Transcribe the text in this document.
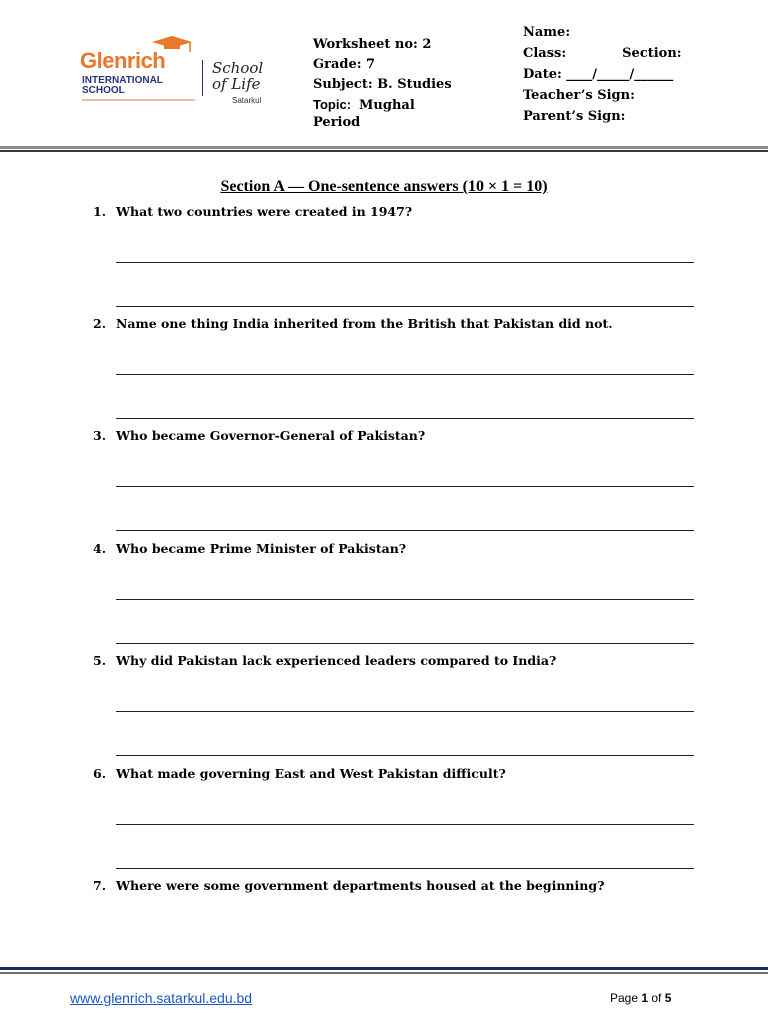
Glenrich
INTERNATIONAL
SCHOOL
School
of Life
Satarkul
Worksheet no: 2
Grade: 7
Subject: B. Studies
Topic: Mughal
Period
Name:
Class:	Section:
Date: ____/_____/______
Teacher’s Sign:
Parent’s Sign:
Section A — One-sentence answers (10 × 1 = 10)
1. What two countries were created in 1947?
2. Name one thing India inherited from the British that Pakistan did not.
3. Who became Governor-General of Pakistan?
4. Who became Prime Minister of Pakistan?
5. Why did Pakistan lack experienced leaders compared to India?
6. What made governing East and West Pakistan difficult?
7. Where were some government departments housed at the beginning?
www.glenrich.satarkul.edu.bd	Page 1 of 5
